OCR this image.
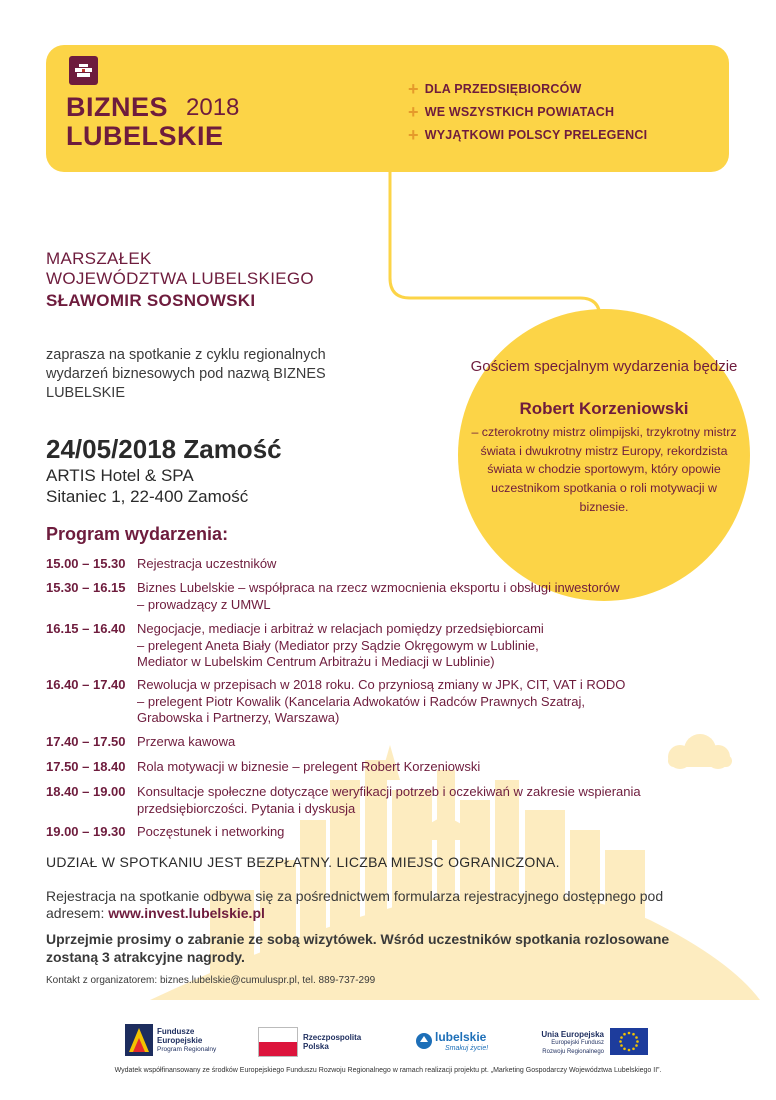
BIZNES 2018
LUBELSKIE
+ DLA PRZEDSIĘBIORCÓW
+ WE WSZYSTKICH POWIATACH
+ WYJĄTKOWI POLSCY PRELEGENCI
MARSZAŁEK
WOJEWÓDZTWA LUBELSKIEGO
SŁAWOMIR SOSNOWSKI
zaprasza na spotkanie z cyklu regionalnych wydarzeń biznesowych pod nazwą BIZNES LUBELSKIE
24/05/2018 Zamość
ARTIS Hotel & SPA
Sitaniec 1, 22-400 Zamość
Gościem specjalnym wydarzenia będzie
Robert Korzeniowski
– czterokrotny mistrz olimpijski, trzykrotny mistrz świata i dwukrotny mistrz Europy, rekordzista świata w chodzie sportowym, który opowie uczestnikom spotkania o roli motywacji w biznesie.
Program wydarzenia:
15.00 – 15.30 Rejestracja uczestników
15.30 – 16.15 Biznes Lubelskie – współpraca na rzecz wzmocnienia eksportu i obsługi inwestorów
– prowadzący z UMWL
16.15 – 16.40 Negocjacje, mediacje i arbitraż w relacjach pomiędzy przedsiębiorcami
– prelegent Aneta Biały (Mediator przy Sądzie Okręgowym w Lublinie,
Mediator w Lubelskim Centrum Arbitrażu i Mediacji w Lublinie)
16.40 – 17.40 Rewolucja w przepisach w 2018 roku. Co przyniosą zmiany w JPK, CIT, VAT i RODO
– prelegent Piotr Kowalik (Kancelaria Adwokatów i Radców Prawnych Szatraj,
Grabowska i Partnerzy, Warszawa)
17.40 – 17.50 Przerwa kawowa
17.50 – 18.40 Rola motywacji w biznesie – prelegent Robert Korzeniowski
18.40 – 19.00 Konsultacje społeczne dotyczące weryfikacji potrzeb i oczekiwań w zakresie wspierania
przedsiębiorczości. Pytania i dyskusja
19.00 – 19.30 Poczęstunek i networking
UDZIAŁ W SPOTKANIU JEST BEZPŁATNY. LICZBA MIEJSC OGRANICZONA.
Rejestracja na spotkanie odbywa się za pośrednictwem formularza rejestracyjnego dostępnego pod adresem: www.invest.lubelskie.pl
Uprzejmie prosimy o zabranie ze sobą wizytówek. Wśród uczestników spotkania rozlosowane zostaną 3 atrakcyjne nagrody.
Kontakt z organizatorem: biznes.lubelskie@cumuluspr.pl, tel. 889-737-299
Fundusze
Europejskie
Program Regionalny
Rzeczpospolita
Polska
lubelskie
Smakuj życie!
Unia Europejska
Europejski Fundusz
Rozwoju Regionalnego
Wydatek współfinansowany ze środków Europejskiego Funduszu Rozwoju Regionalnego w ramach realizacji projektu pt. „Marketing Gospodarczy Województwa Lubelskiego II”.
